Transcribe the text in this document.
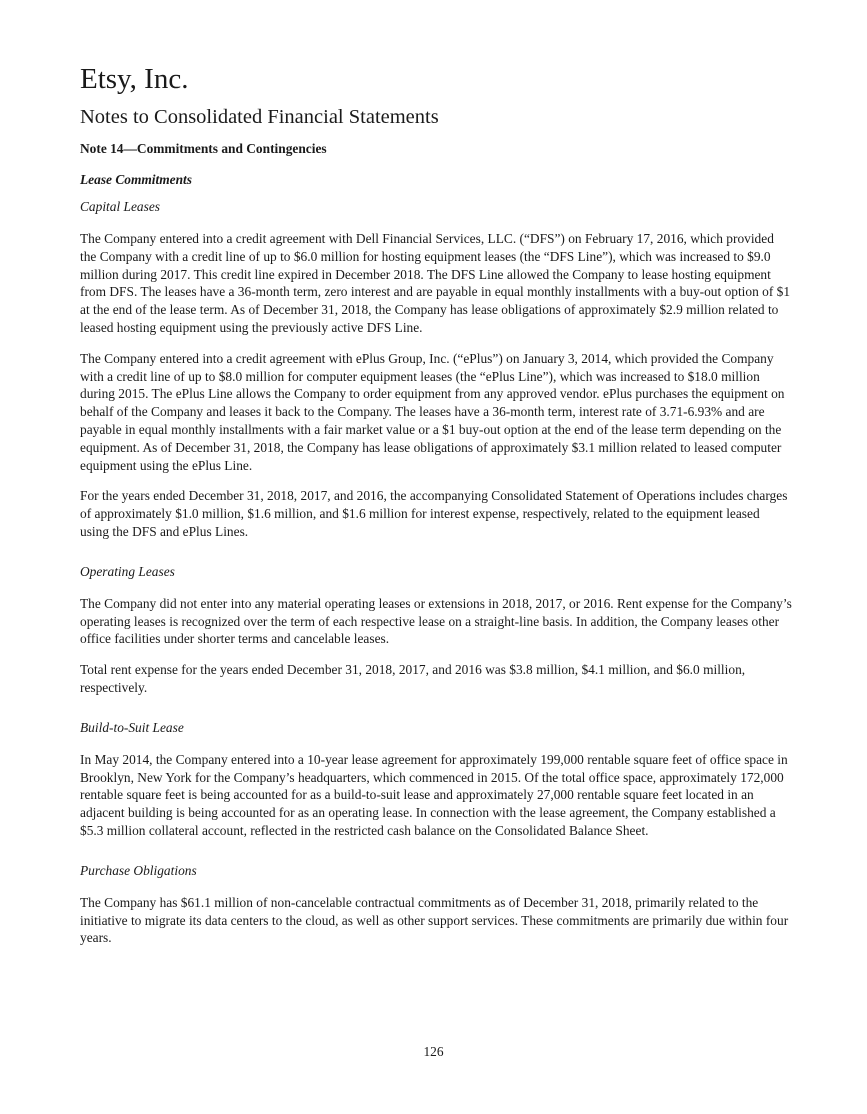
Etsy, Inc.
Notes to Consolidated Financial Statements
Note 14—Commitments and Contingencies
Lease Commitments
Capital Leases

The Company entered into a credit agreement with Dell Financial Services, LLC. (“DFS”) on February 17, 2016, which provided the Company with a credit line of up to $6.0 million for hosting equipment leases (the “DFS Line”), which was increased to $9.0 million during 2017. This credit line expired in December 2018. The DFS Line allowed the Company to lease hosting equipment from DFS. The leases have a 36-month term, zero interest and are payable in equal monthly installments with a buy-out option of $1 at the end of the lease term. As of December 31, 2018, the Company has lease obligations of approximately $2.9 million related to leased hosting equipment using the previously active DFS Line.

The Company entered into a credit agreement with ePlus Group, Inc. (“ePlus”) on January 3, 2014, which provided the Company with a credit line of up to $8.0 million for computer equipment leases (the “ePlus Line”), which was increased to $18.0 million during 2015. The ePlus Line allows the Company to order equipment from any approved vendor. ePlus purchases the equipment on behalf of the Company and leases it back to the Company. The leases have a 36-month term, interest rate of 3.71-6.93% and are payable in equal monthly installments with a fair market value or a $1 buy-out option at the end of the lease term depending on the equipment. As of December 31, 2018, the Company has lease obligations of approximately $3.1 million related to leased computer equipment using the ePlus Line.

For the years ended December 31, 2018, 2017, and 2016, the accompanying Consolidated Statement of Operations includes charges of approximately $1.0 million, $1.6 million, and $1.6 million for interest expense, respectively, related to the equipment leased using the DFS and ePlus Lines.

Operating Leases

The Company did not enter into any material operating leases or extensions in 2018, 2017, or 2016. Rent expense for the Company’s operating leases is recognized over the term of each respective lease on a straight-line basis. In addition, the Company leases other office facilities under shorter terms and cancelable leases.

Total rent expense for the years ended December 31, 2018, 2017, and 2016 was $3.8 million, $4.1 million, and $6.0 million, respectively.

Build-to-Suit Lease

In May 2014, the Company entered into a 10-year lease agreement for approximately 199,000 rentable square feet of office space in Brooklyn, New York for the Company’s headquarters, which commenced in 2015. Of the total office space, approximately 172,000 rentable square feet is being accounted for as a build-to-suit lease and approximately 27,000 rentable square feet located in an adjacent building is being accounted for as an operating lease. In connection with the lease agreement, the Company established a $5.3 million collateral account, reflected in the restricted cash balance on the Consolidated Balance Sheet.

Purchase Obligations

The Company has $61.1 million of non-cancelable contractual commitments as of December 31, 2018, primarily related to the initiative to migrate its data centers to the cloud, as well as other support services. These commitments are primarily due within four years.

126
